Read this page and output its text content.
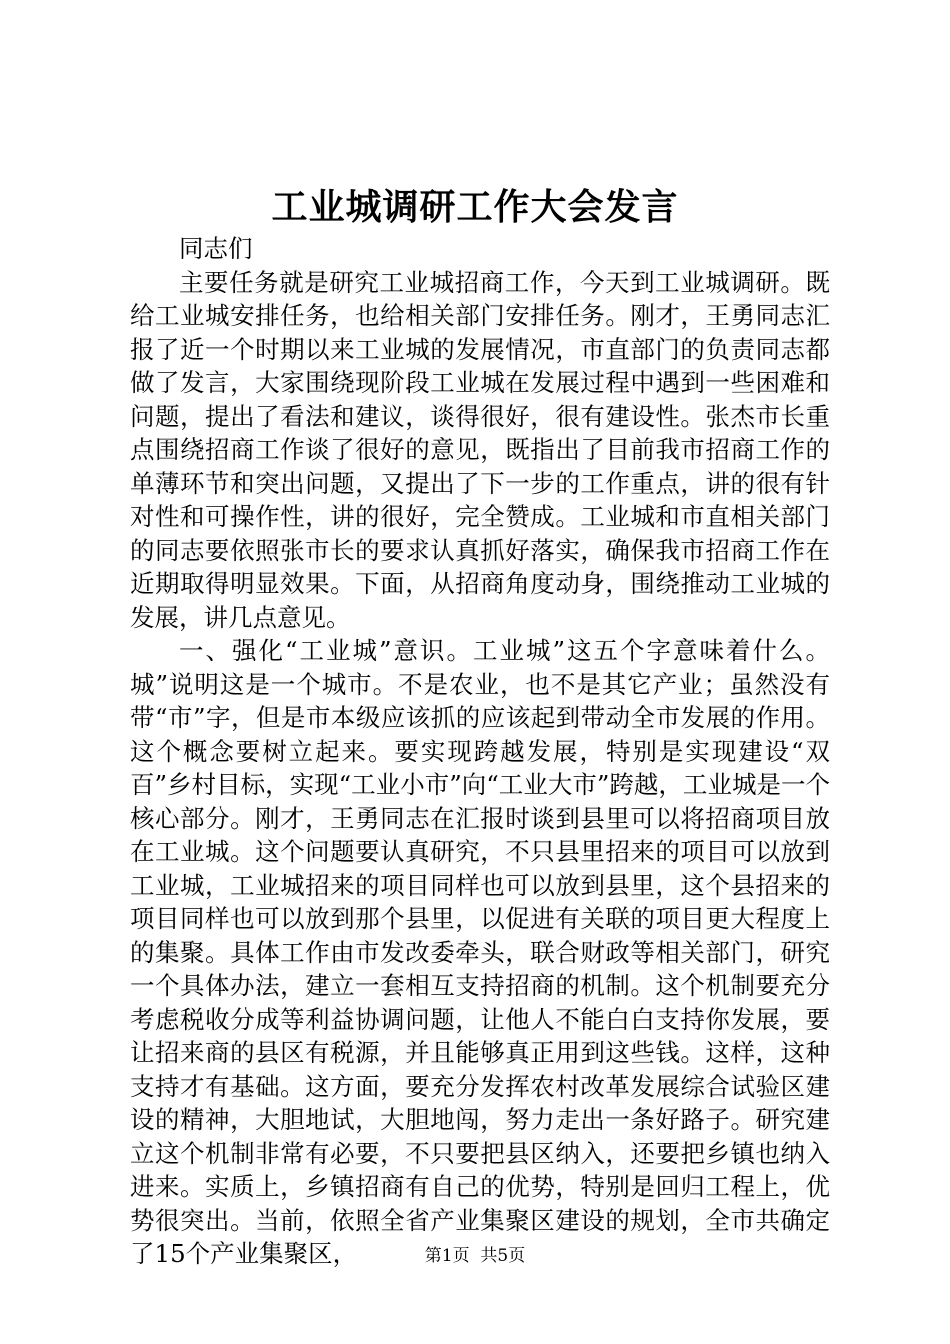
工业城调研工作大会发言

同志们

主要任务就是研究工业城招商工作，今天到工业城调研。既给工业城安排任务，也给相关部门安排任务。刚才，王勇同志汇报了近一个时期以来工业城的发展情况，市直部门的负责同志都做了发言，大家围绕现阶段工业城在发展过程中遇到一些困难和问题，提出了看法和建议，谈得很好，很有建设性。张杰市长重点围绕招商工作谈了很好的意见，既指出了目前我市招商工作的单薄环节和突出问题，又提出了下一步的工作重点，讲的很有针对性和可操作性，讲的很好，完全赞成。工业城和市直相关部门的同志要依照张市长的要求认真抓好落实，确保我市招商工作在近期取得明显效果。下面，从招商角度动身，围绕推动工业城的发展，讲几点意见。

一、强化“工业城”意识。工业城”这五个字意味着什么。城”说明这是一个城市。不是农业，也不是其它产业；虽然没有带“市”字，但是市本级应该抓的应该起到带动全市发展的作用。这个概念要树立起来。要实现跨越发展，特别是实现建设“双百”乡村目标，实现“工业小市”向“工业大市”跨越，工业城是一个核心部分。刚才，王勇同志在汇报时谈到县里可以将招商项目放在工业城。这个问题要认真研究，不只县里招来的项目可以放到工业城，工业城招来的项目同样也可以放到县里，这个县招来的项目同样也可以放到那个县里，以促进有关联的项目更大程度上的集聚。具体工作由市发改委牵头，联合财政等相关部门，研究一个具体办法，建立一套相互支持招商的机制。这个机制要充分考虑税收分成等利益协调问题，让他人不能白白支持你发展，要让招来商的县区有税源，并且能够真正用到这些钱。这样，这种支持才有基础。这方面，要充分发挥农村改革发展综合试验区建设的精神，大胆地试，大胆地闯，努力走出一条好路子。研究建立这个机制非常有必要，不只要把县区纳入，还要把乡镇也纳入进来。实质上，乡镇招商有自己的优势，特别是回归工程上，优势很突出。当前，依照全省产业集聚区建设的规划，全市共确定了15个产业集聚区，	第1页 共5页
